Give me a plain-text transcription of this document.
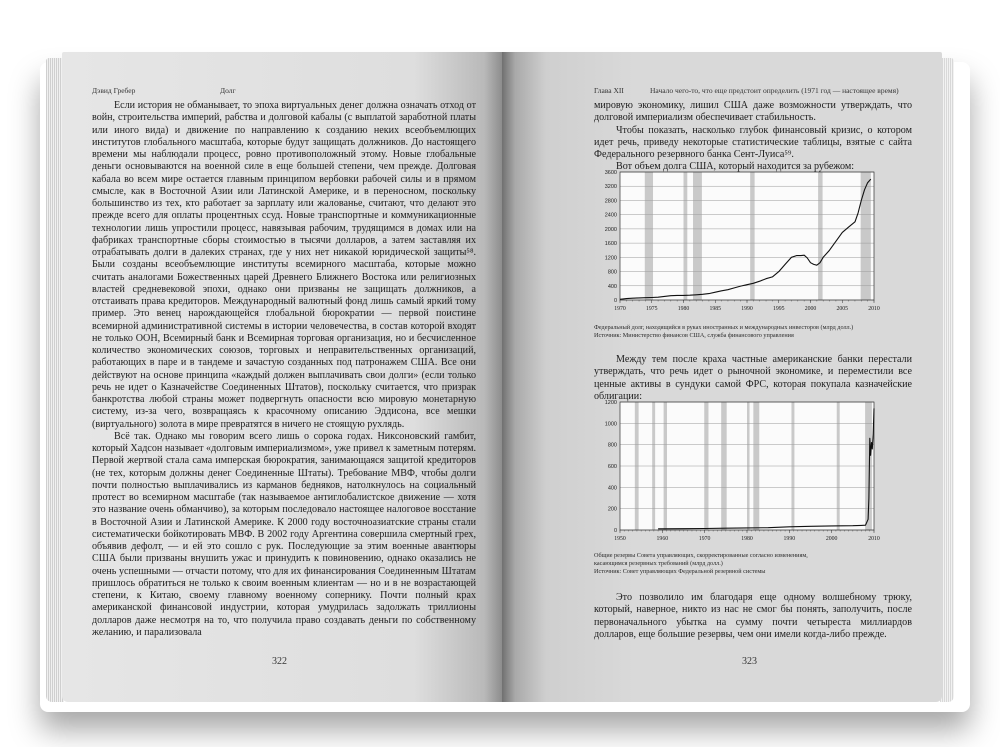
Дэвид Гребер	Долг

Если история не обманывает, то эпоха виртуальных денег должна означать отход от войн, строительства империй, рабства и долговой кабалы (с выплатой заработной платы или иного вида) и движение по направлению к созданию неких всеобъемлющих институтов глобального масштаба, которые будут защищать должников. До настоящего времени мы наблюдали процесс, ровно противоположный этому. Новые глобальные деньги основываются на военной силе в еще большей степени, чем прежде. Долговая кабала во всем мире остается главным принципом вербовки рабочей силы и в прямом смысле, как в Восточной Азии или Латинской Америке, и в переносном, поскольку большинство из тех, кто работает за зарплату или жалованье, считают, что делают это прежде всего для оплаты процентных ссуд. Новые транспортные и коммуникационные технологии лишь упростили процесс, навязывая рабочим, трудящимся в домах или на фабриках транспортные сборы стоимостью в тысячи долларов, а затем заставляя их отрабатывать долги в далеких странах, где у них нет никакой юридической защиты⁵⁸. Были созданы всеобъемлющие институты всемирного масштаба, которые можно считать аналогами Божественных царей Древнего Ближнего Востока или религиозных властей средневековой эпохи, однако они призваны не защищать должников, а отстаивать права кредиторов. Международный валютный фонд лишь самый яркий тому пример. Это венец нарождающейся глобальной бюрократии — первой поистине всемирной административной системы в истории человечества, в состав которой входят не только ООН, Всемирный банк и Всемирная торговая организация, но и бесчисленное количество экономических союзов, торговых и неправительственных организаций, работающих в паре и в тандеме и зачастую созданных под патронажем США. Все они действуют на основе принципа «каждый должен выплачивать свои долги» (если только речь не идет о Казначействе Соединенных Штатов), поскольку считается, что призрак банкротства любой страны может подвергнуть опасности всю мировую монетарную систему, из-за чего, возвращаясь к красочному описанию Эддисона, все мешки (виртуального) золота в мире превратятся в ничего не стоящую рухлядь.

Всё так. Однако мы говорим всего лишь о сорока годах. Никсоновский гамбит, который Хадсон называет «долговым империализмом», уже привел к заметным потерям. Первой жертвой стала сама имперская бюрократия, занимающаяся защитой кредиторов (не тех, которым должны денег Соединенные Штаты). Требование МВФ, чтобы долги почти полностью выплачивались из карманов бедняков, натолкнулось на социальный протест во всемирном масштабе (так называемое антиглобалистское движение — хотя это название очень обманчиво), за которым последовало настоящее налоговое восстание в Восточной Азии и Латинской Америке. К 2000 году восточноазиатские страны стали систематически бойкотировать МВФ. В 2002 году Аргентина совершила смертный грех, объявив дефолт, — и ей это сошло с рук. Последующие за этим военные авантюры США были призваны внушить ужас и принудить к повиновению, однако оказались не очень успешными — отчасти потому, что для их финансирования Соединенным Штатам пришлось обратиться не только к своим военным клиентам — но и в не возрастающей степени, к Китаю, своему главному военному сопернику. Почти полный крах американской финансовой индустрии, которая умудрилась задолжать триллионы долларов даже несмотря на то, что получила право создавать деньги по собственному желанию, и парализовала

322
Глава XII	Начало чего-то, что еще предстоит определить (1971 год — настоящее время)

мировую экономику, лишил США даже возможности утверждать, что долговой империализм обеспечивает стабильность.

Чтобы показать, насколько глубок финансовый кризис, о котором идет речь, приведу некоторые статистические таблицы, взятые с сайта Федерального резервного банка Сент-Луиса⁵⁹.

Вот объем долга США, который находится за рубежом:

0
400
800
1200
1600
2000
2400
2800
3200
3600
1970	1975	1980	1985	1990	1995	2000	2005	2010
Федеральный долг, находящийся в руках иностранных и международных инвесторов (млрд долл.)
Источник: Министерство финансов США, служба финансового управления

Между тем после краха частные американские банки перестали утверждать, что речь идет о рыночной экономике, и переместили все ценные активы в сундуки самой ФРС, которая покупала казначейские облигации:

0
200
400
600
800
1000
1200
1950	1960	1970	1980	1990	2000	2010
Общие резервы Совета управляющих, скорректированные согласно изменениям,
касающимся резервных требований (млрд долл.)
Источник: Совет управляющих Федеральной резервной системы

Это позволило им благодаря еще одному волшебному трюку, который, наверное, никто из нас не смог бы понять, заполучить, после первоначального убытка на сумму почти четыреста миллиардов долларов, еще большие резервы, чем они имели когда-либо прежде.

323
